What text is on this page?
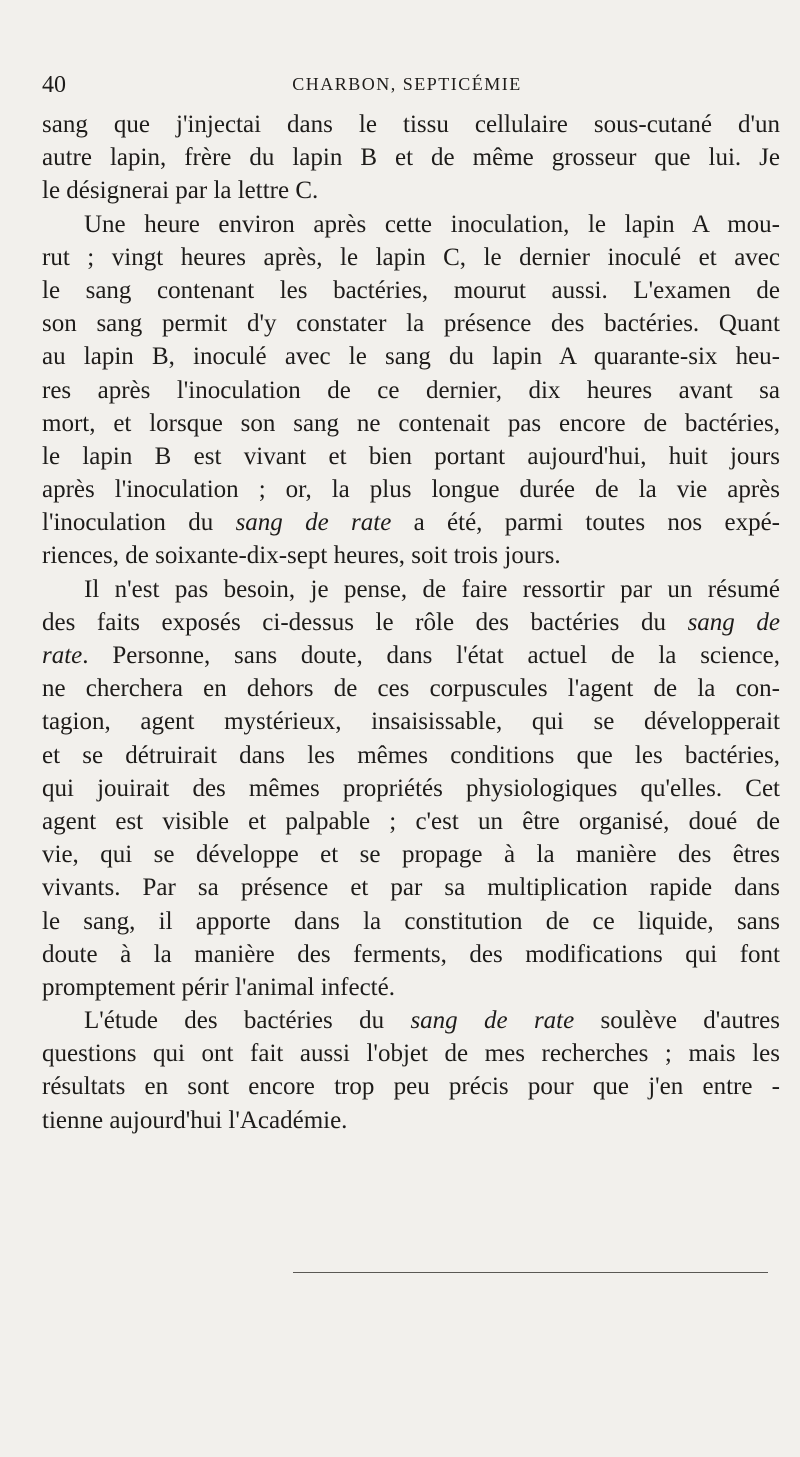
40	CHARBON, SEPTICÉMIE
sang que j'injectai dans le tissu cellulaire sous-cutané d'un
autre lapin, frère du lapin B et de même grosseur que lui. Je
le désignerai par la lettre C.
Une heure environ après cette inoculation, le lapin A mou-
rut ; vingt heures après, le lapin C, le dernier inoculé et avec
le sang contenant les bactéries, mourut aussi. L'examen de
son sang permit d'y constater la présence des bactéries. Quant
au lapin B, inoculé avec le sang du lapin A quarante-six heu-
res après l'inoculation de ce dernier, dix heures avant sa
mort, et lorsque son sang ne contenait pas encore de bactéries,
le lapin B est vivant et bien portant aujourd'hui, huit jours
après l'inoculation ; or, la plus longue durée de la vie après
l'inoculation du sang de rate a été, parmi toutes nos expé-
riences, de soixante-dix-sept heures, soit trois jours.
Il n'est pas besoin, je pense, de faire ressortir par un résumé
des faits exposés ci-dessus le rôle des bactéries du sang de
rate. Personne, sans doute, dans l'état actuel de la science,
ne cherchera en dehors de ces corpuscules l'agent de la con-
tagion, agent mystérieux, insaisissable, qui se développerait
et se détruirait dans les mêmes conditions que les bactéries,
qui jouirait des mêmes propriétés physiologiques qu'elles. Cet
agent est visible et palpable ; c'est un être organisé, doué de
vie, qui se développe et se propage à la manière des êtres
vivants. Par sa présence et par sa multiplication rapide dans
le sang, il apporte dans la constitution de ce liquide, sans
doute à la manière des ferments, des modifications qui font
promptement périr l'animal infecté.
L'étude des bactéries du sang de rate soulève d'autres
questions qui ont fait aussi l'objet de mes recherches ; mais les
résultats en sont encore trop peu précis pour que j'en entre -
tienne aujourd'hui l'Académie.
